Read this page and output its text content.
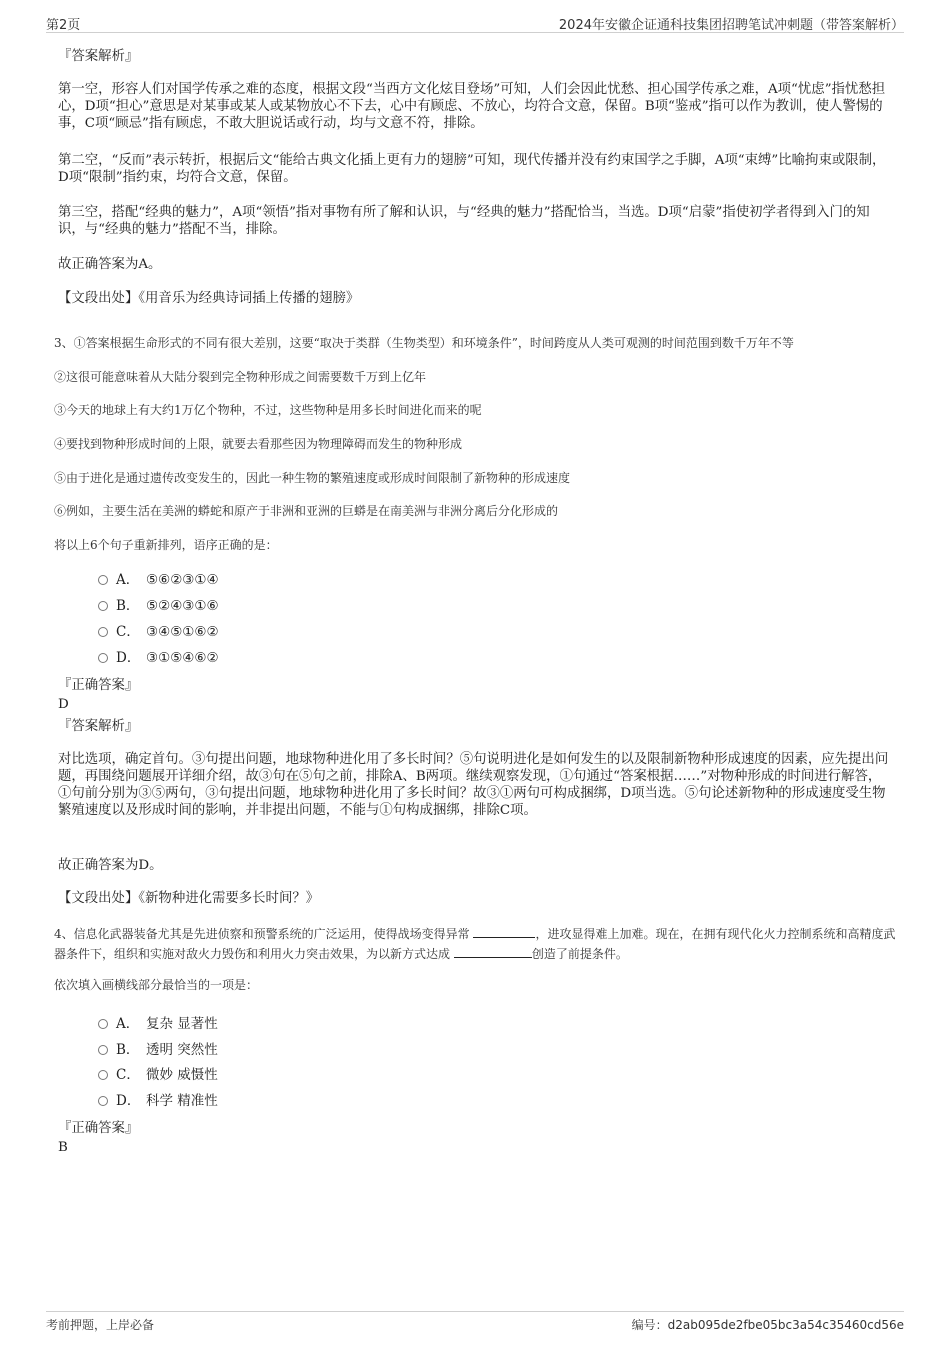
第2页	2024年安徽企证通科技集团招聘笔试冲刺题（带答案解析）
『答案解析』

第一空，形容人们对国学传承之难的态度，根据文段“当西方文化炫目登场”可知，人们会因此忧愁、担心国学传承之难，A项“忧虑”指忧愁担心，D项“担心”意思是对某事或某人或某物放心不下去，心中有顾虑、不放心，均符合文意，保留。B项“鉴戒”指可以作为教训，使人警惕的事，C项“顾忌”指有顾虑，不敢大胆说话或行动，均与文意不符，排除。

第二空，“反而”表示转折，根据后文“能给古典文化插上更有力的翅膀”可知，现代传播并没有约束国学之手脚，A项“束缚”比喻拘束或限制，D项“限制”指约束，均符合文意，保留。

第三空，搭配“经典的魅力”，A项“领悟”指对事物有所了解和认识，与“经典的魅力”搭配恰当，当选。D项“启蒙”指使初学者得到入门的知识，与“经典的魅力”搭配不当，排除。

故正确答案为A。

【文段出处】《用音乐为经典诗词插上传播的翅膀》

3、①答案根据生命形式的不同有很大差别，这要“取决于类群（生物类型）和环境条件”，时间跨度从人类可观测的时间范围到数千万年不等

②这很可能意味着从大陆分裂到完全物种形成之间需要数千万到上亿年

③今天的地球上有大约1万亿个物种，不过，这些物种是用多长时间进化而来的呢

④要找到物种形成时间的上限，就要去看那些因为物理障碍而发生的物种形成

⑤由于进化是通过遗传改变发生的，因此一种生物的繁殖速度或形成时间限制了新物种的形成速度

⑥例如，主要生活在美洲的蟒蛇和原产于非洲和亚洲的巨蟒是在南美洲与非洲分离后分化形成的

将以上6个句子重新排列，语序正确的是：

A． ⑤⑥②③①④
B． ⑤②④③①⑥
C． ③④⑤①⑥②
D． ③①⑤④⑥②
『正确答案』
D
『答案解析』

对比选项，确定首句。③句提出问题，地球物种进化用了多长时间？⑤句说明进化是如何发生的以及限制新物种形成速度的因素，应先提出问题，再围绕问题展开详细介绍，故③句在⑤句之前，排除A、B两项。继续观察发现，①句通过“答案根据……”对物种形成的时间进行解答，①句前分别为③⑤两句，③句提出问题，地球物种进化用了多长时间？故③①两句可构成捆绑，D项当选。⑤句论述新物种的形成速度受生物繁殖速度以及形成时间的影响，并非提出问题，不能与①句构成捆绑，排除C项。

故正确答案为D。

【文段出处】《新物种进化需要多长时间？》

4、信息化武器装备尤其是先进侦察和预警系统的广泛运用，使得战场变得异常	，进攻显得难上加难。现在，在拥有现代化火力控制系统和高精度武器条件下，组织和实施对敌火力毁伤和利用火力突击效果，为以新方式达成	创造了前提条件。

依次填入画横线部分最恰当的一项是：

A． 复杂 显著性
B． 透明 突然性
C． 微妙 威慑性
D． 科学 精准性
『正确答案』
B
考前押题，上岸必备	编号：d2ab095de2fbe05bc3a54c35460cd56e
